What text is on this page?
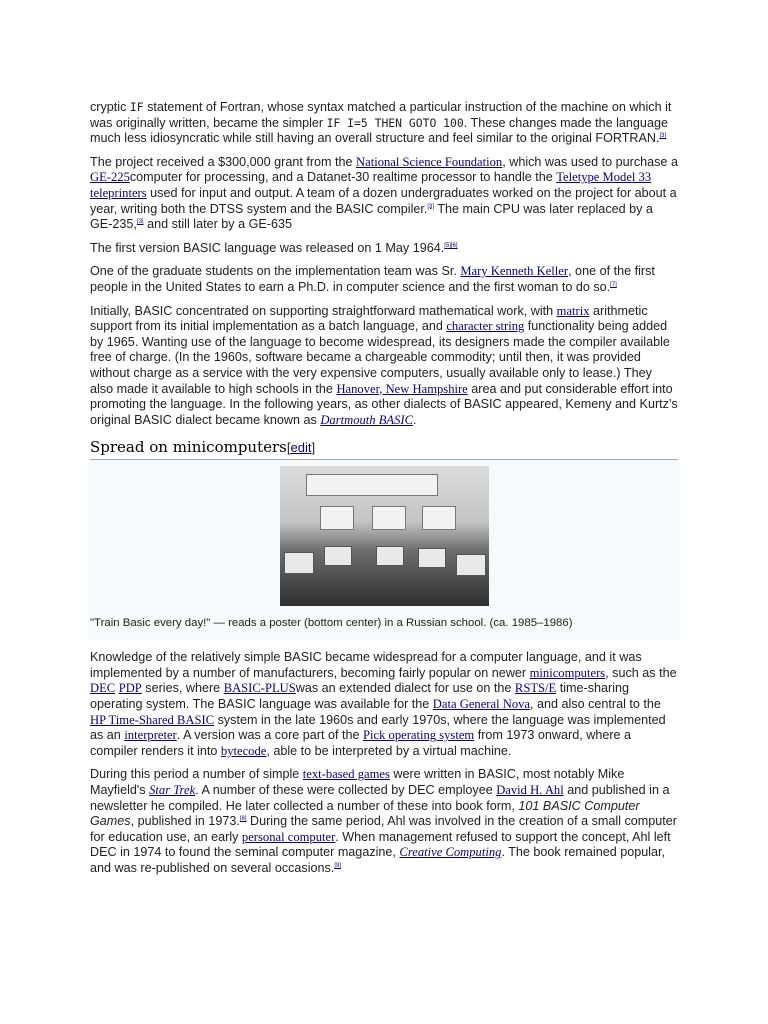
cryptic IF statement of Fortran, whose syntax matched a particular instruction of the machine on which it was originally written, became the simpler IF I=5 THEN GOTO 100. These changes made the language much less idiosyncratic while still having an overall structure and feel similar to the original FORTRAN.[3]

The project received a $300,000 grant from the National Science Foundation, which was used to purchase a GE-225computer for processing, and a Datanet-30 realtime processor to handle the Teletype Model 33 teleprinters used for input and output. A team of a dozen undergraduates worked on the project for about a year, writing both the DTSS system and the BASIC compiler.[3] The main CPU was later replaced by a GE-235,[3] and still later by a GE-635

The first version BASIC language was released on 1 May 1964.[5][6]

One of the graduate students on the implementation team was Sr. Mary Kenneth Keller, one of the first people in the United States to earn a Ph.D. in computer science and the first woman to do so.[7]

Initially, BASIC concentrated on supporting straightforward mathematical work, with matrix arithmetic support from its initial implementation as a batch language, and character string functionality being added by 1965. Wanting use of the language to become widespread, its designers made the compiler available free of charge. (In the 1960s, software became a chargeable commodity; until then, it was provided without charge as a service with the very expensive computers, usually available only to lease.) They also made it available to high schools in the Hanover, New Hampshire area and put considerable effort into promoting the language. In the following years, as other dialects of BASIC appeared, Kemeny and Kurtz's original BASIC dialect became known as Dartmouth BASIC.

Spread on minicomputers[edit]
"Train Basic every day!" — reads a poster (bottom center) in a Russian school. (ca. 1985–1986)

Knowledge of the relatively simple BASIC became widespread for a computer language, and it was implemented by a number of manufacturers, becoming fairly popular on newer minicomputers, such as the DEC PDP series, where BASIC-PLUSwas an extended dialect for use on the RSTS/E time-sharing operating system. The BASIC language was available for the Data General Nova, and also central to the HP Time-Shared BASIC system in the late 1960s and early 1970s, where the language was implemented as an interpreter. A version was a core part of the Pick operating system from 1973 onward, where a compiler renders it into bytecode, able to be interpreted by a virtual machine.

During this period a number of simple text-based games were written in BASIC, most notably Mike Mayfield's Star Trek. A number of these were collected by DEC employee David H. Ahl and published in a newsletter he compiled. He later collected a number of these into book form, 101 BASIC Computer Games, published in 1973.[8] During the same period, Ahl was involved in the creation of a small computer for education use, an early personal computer. When management refused to support the concept, Ahl left DEC in 1974 to found the seminal computer magazine, Creative Computing. The book remained popular, and was re-published on several occasions.[9]
